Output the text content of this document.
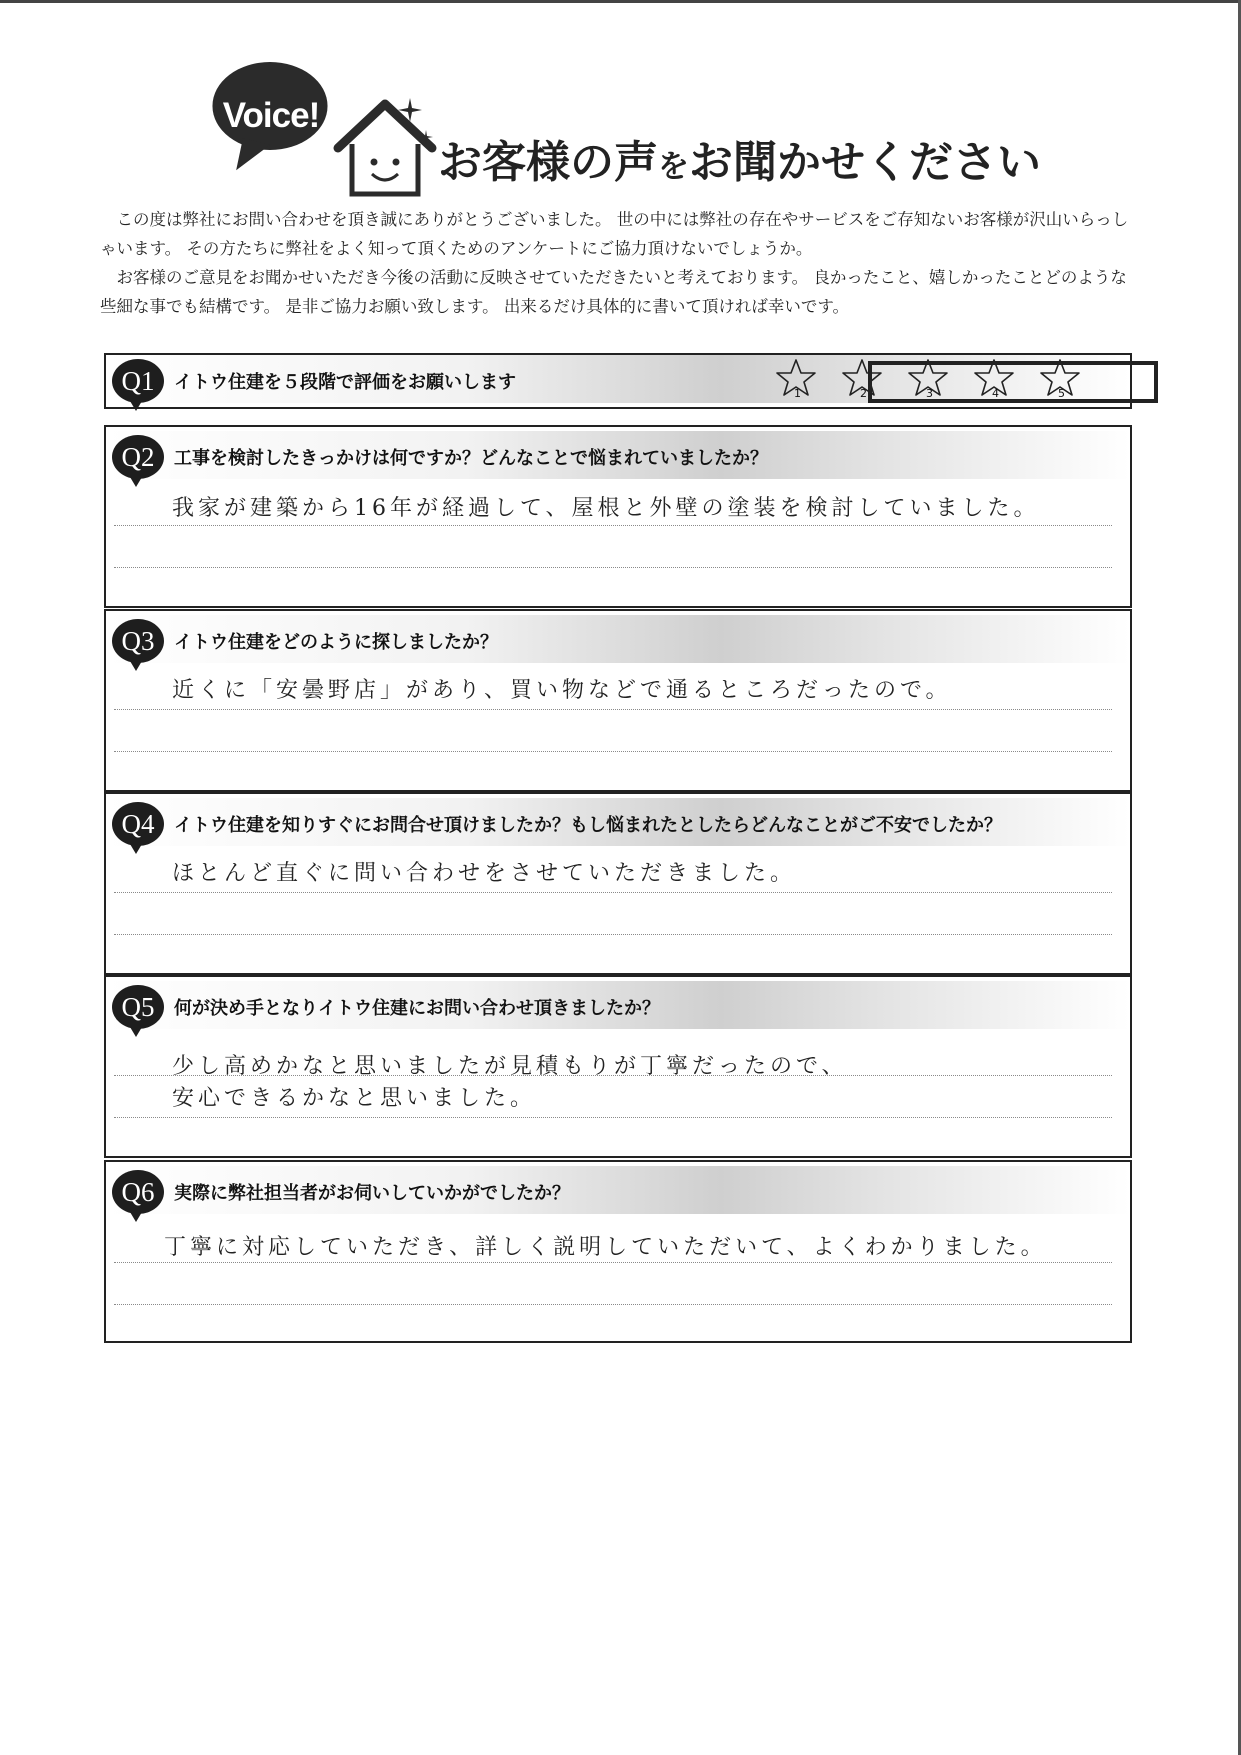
Voice!
お客様の声をお聞かせください

この度は弊社にお問い合わせを頂き誠にありがとうございました。 世の中には弊社の存在やサービスをご存知ないお客様が沢山いらっしゃいます。 その方たちに弊社をよく知って頂くためのアンケートにご協力頂けないでしょうか。

お客様のご意見をお聞かせいただき今後の活動に反映させていただきたいと考えております。 良かったこと、嬉しかったことどのような些細な事でも結構です。 是非ご協力お願い致します。 出来るだけ具体的に書いて頂ければ幸いです。

Q1	イトウ住建を５段階で評価をお願いします
1	2	3	4	5
Q2	工事を検討したきっかけは何ですか？どんなことで悩まれていましたか？
我家が建築から16年が経過して、屋根と外壁の塗装を検討していました。
Q3	イトウ住建をどのように探しましたか？
近くに「安曇野店」があり、買い物などで通るところだったので。
Q4	イトウ住建を知りすぐにお問合せ頂けましたか？もし悩まれたとしたらどんなことがご不安でしたか？
ほとんど直ぐに問い合わせをさせていただきました。
Q5	何が決め手となりイトウ住建にお問い合わせ頂きましたか？
少し高めかなと思いましたが見積もりが丁寧だったので、
安心できるかなと思いました。
Q6	実際に弊社担当者がお伺いしていかがでしたか？
丁寧に対応していただき、詳しく説明していただいて、よくわかりました。
